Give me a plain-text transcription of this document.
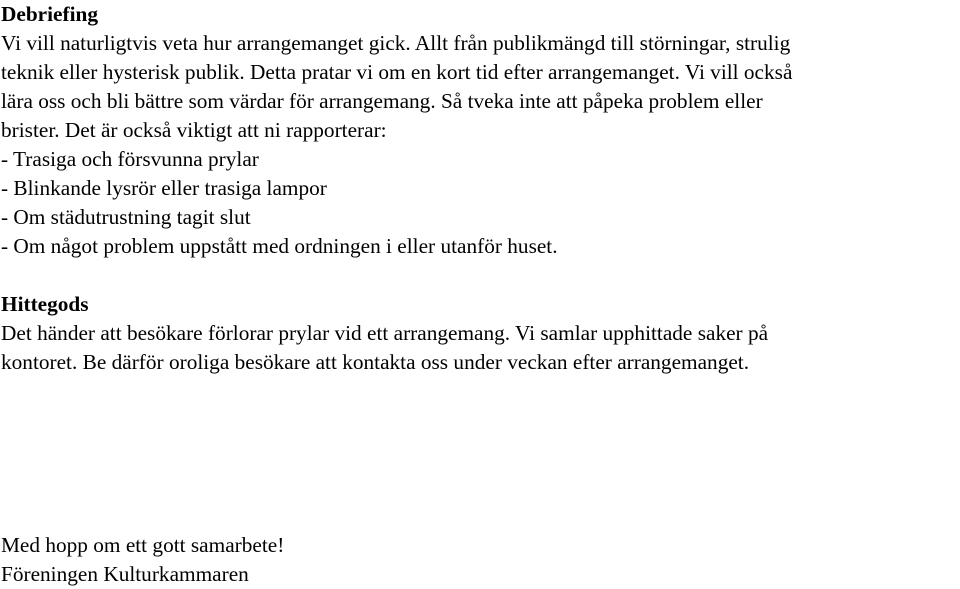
Debriefing
Vi vill naturligtvis veta hur arrangemanget gick. Allt från publikmängd till störningar, strulig
teknik eller hysterisk publik. Detta pratar vi om en kort tid efter arrangemanget. Vi vill också
lära oss och bli bättre som värdar för arrangemang. Så tveka inte att påpeka problem eller
brister. Det är också viktigt att ni rapporterar:
- Trasiga och försvunna prylar
- Blinkande lysrör eller trasiga lampor
- Om städutrustning tagit slut
- Om något problem uppstått med ordningen i eller utanför huset.
Hittegods
Det händer att besökare förlorar prylar vid ett arrangemang. Vi samlar upphittade saker på
kontoret. Be därför oroliga besökare att kontakta oss under veckan efter arrangemanget.
Med hopp om ett gott samarbete!
Föreningen Kulturkammaren
